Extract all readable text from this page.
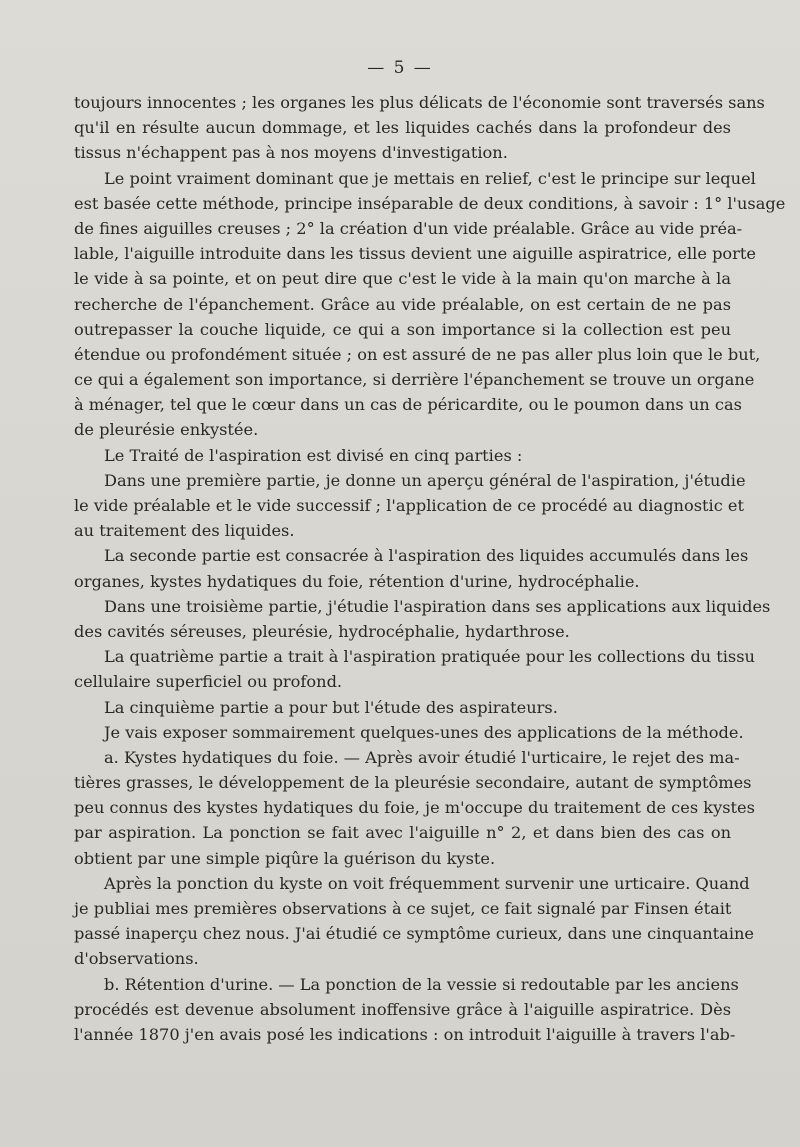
— 5 —
toujours innocentes ; les organes les plus délicats de l'économie sont traversés sans
qu'il en résulte aucun dommage, et les liquides cachés dans la profondeur des
tissus n'échappent pas à nos moyens d'investigation.
Le point vraiment dominant que je mettais en relief, c'est le principe sur lequel
est basée cette méthode, principe inséparable de deux conditions, à savoir : 1° l'usage
de fines aiguilles creuses ; 2° la création d'un vide préalable. Grâce au vide préa-
lable, l'aiguille introduite dans les tissus devient une aiguille aspiratrice, elle porte
le vide à sa pointe, et on peut dire que c'est le vide à la main qu'on marche à la
recherche de l'épanchement. Grâce au vide préalable, on est certain de ne pas
outrepasser la couche liquide, ce qui a son importance si la collection est peu
étendue ou profondément située ; on est assuré de ne pas aller plus loin que le but,
ce qui a également son importance, si derrière l'épanchement se trouve un organe
à ménager, tel que le cœur dans un cas de péricardite, ou le poumon dans un cas
de pleurésie enkystée.
Le Traité de l'aspiration est divisé en cinq parties :
Dans une première partie, je donne un aperçu général de l'aspiration, j'étudie
le vide préalable et le vide successif ; l'application de ce procédé au diagnostic et
au traitement des liquides.
La seconde partie est consacrée à l'aspiration des liquides accumulés dans les
organes, kystes hydatiques du foie, rétention d'urine, hydrocéphalie.
Dans une troisième partie, j'étudie l'aspiration dans ses applications aux liquides
des cavités séreuses, pleurésie, hydrocéphalie, hydarthrose.
La quatrième partie a trait à l'aspiration pratiquée pour les collections du tissu
cellulaire superficiel ou profond.
La cinquième partie a pour but l'étude des aspirateurs.
Je vais exposer sommairement quelques-unes des applications de la méthode.
a. Kystes hydatiques du foie. — Après avoir étudié l'urticaire, le rejet des ma-
tières grasses, le développement de la pleurésie secondaire, autant de symptômes
peu connus des kystes hydatiques du foie, je m'occupe du traitement de ces kystes
par aspiration. La ponction se fait avec l'aiguille n° 2, et dans bien des cas on
obtient par une simple piqûre la guérison du kyste.
Après la ponction du kyste on voit fréquemment survenir une urticaire. Quand
je publiai mes premières observations à ce sujet, ce fait signalé par Finsen était
passé inaperçu chez nous. J'ai étudié ce symptôme curieux, dans une cinquantaine
d'observations.
b. Rétention d'urine. — La ponction de la vessie si redoutable par les anciens
procédés est devenue absolument inoffensive grâce à l'aiguille aspiratrice. Dès
l'année 1870 j'en avais posé les indications : on introduit l'aiguille à travers l'ab-
